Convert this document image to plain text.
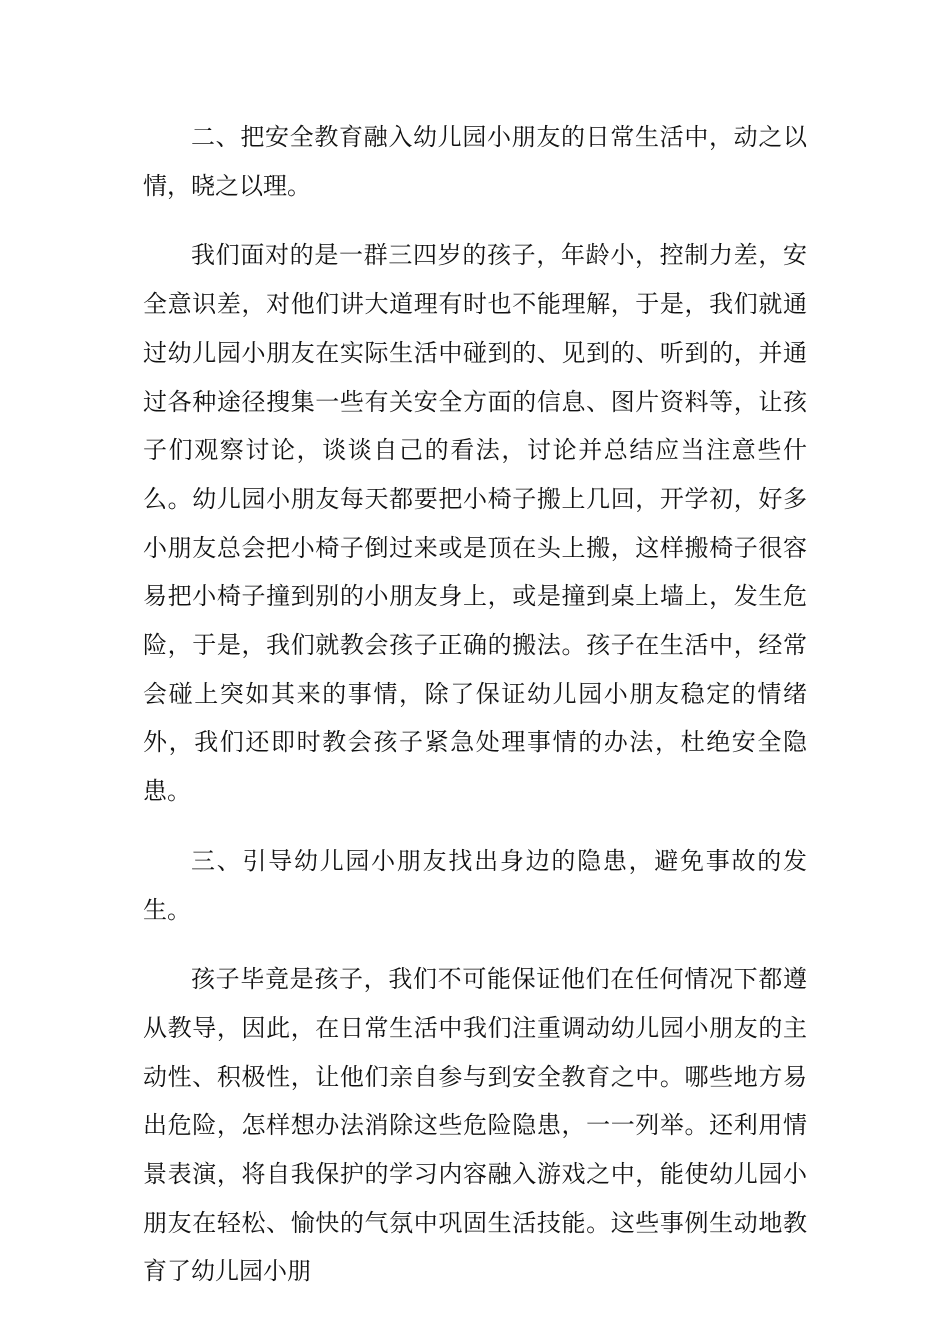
二、把安全教育融入幼儿园小朋友的日常生活中，动之以情，晓之以理。

我们面对的是一群三四岁的孩子，年龄小，控制力差，安全意识差，对他们讲大道理有时也不能理解，于是，我们就通过幼儿园小朋友在实际生活中碰到的、见到的、听到的，并通过各种途径搜集一些有关安全方面的信息、图片资料等，让孩子们观察讨论，谈谈自己的看法，讨论并总结应当注意些什么。幼儿园小朋友每天都要把小椅子搬上几回，开学初，好多小朋友总会把小椅子倒过来或是顶在头上搬，这样搬椅子很容易把小椅子撞到别的小朋友身上，或是撞到桌上墙上，发生危险，于是，我们就教会孩子正确的搬法。孩子在生活中，经常会碰上突如其来的事情，除了保证幼儿园小朋友稳定的情绪外，我们还即时教会孩子紧急处理事情的办法，杜绝安全隐患。

三、引导幼儿园小朋友找出身边的隐患，避免事故的发生。

孩子毕竟是孩子，我们不可能保证他们在任何情况下都遵从教导，因此，在日常生活中我们注重调动幼儿园小朋友的主动性、积极性，让他们亲自参与到安全教育之中。哪些地方易出危险，怎样想办法消除这些危险隐患，一一列举。还利用情景表演，将自我保护的学习内容融入游戏之中，能使幼儿园小朋友在轻松、愉快的气氛中巩固生活技能。这些事例生动地教育了幼儿园小朋
